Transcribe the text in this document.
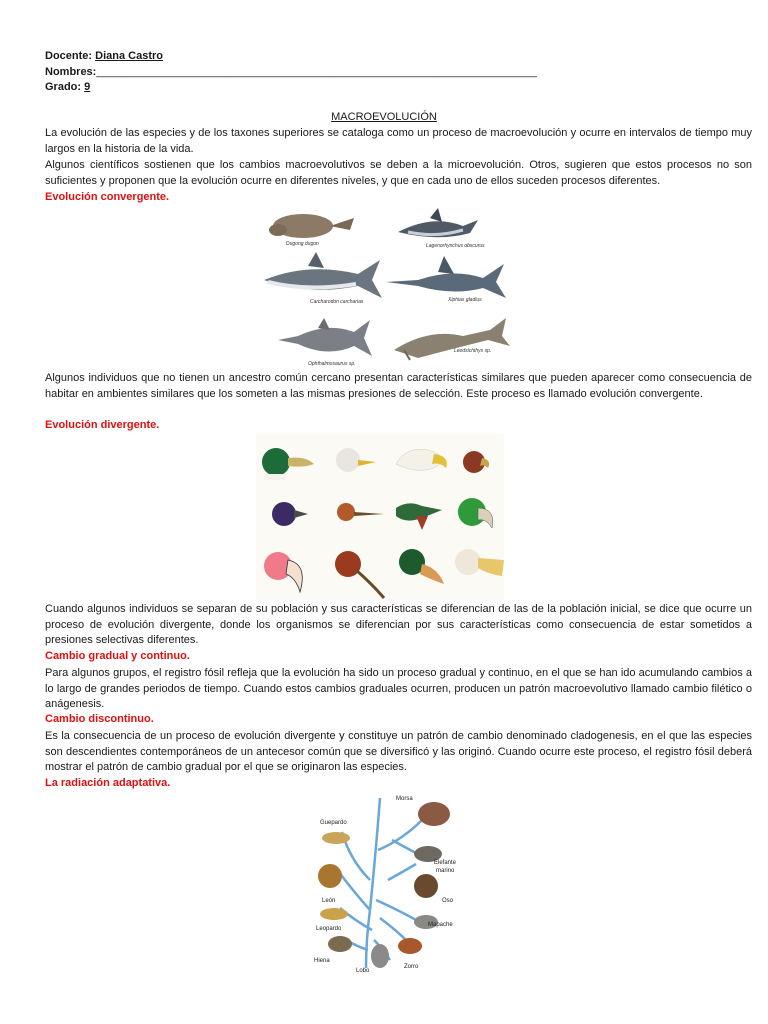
Docente: Diana Castro
Nombres:________________________________________________________________________
Grado: 9
MACROEVOLUCIÓN
La evolución de las especies y de los taxones superiores se cataloga como un proceso de macroevolución y ocurre en intervalos de tiempo muy largos en la historia de la vida.
Algunos científicos sostienen que los cambios macroevolutivos se deben a la microevolución. Otros, sugieren que estos procesos no son suficientes y proponen que la evolución ocurre en diferentes niveles, y que en cada uno de ellos suceden procesos diferentes.
Evolución convergente.
Dugong dugon	Lagenorhynchus obscurus
Carcharodon carcharias	Xiphias gladius
Ophthalmosaurus sp.
Leedsichthys sp.
Algunos individuos que no tienen un ancestro común cercano presentan características similares que pueden aparecer como consecuencia de habitar en ambientes similares que los someten a las mismas presiones de selección. Este proceso es llamado evolución convergente.
Evolución divergente.
Cuando algunos individuos se separan de su población y sus características se diferencian de las de la población inicial, se dice que ocurre un proceso de evolución divergente, donde los organismos se diferencian por sus características como consecuencia de estar sometidos a presiones selectivas diferentes.
Cambio gradual y continuo.
Para algunos grupos, el registro fósil refleja que la evolución ha sido un proceso gradual y continuo, en el que se han ido acumulando cambios a lo largo de grandes periodos de tiempo. Cuando estos cambios graduales ocurren, producen un patrón macroevolutivo llamado cambio filético o anágenesis.
Cambio discontinuo.
Es la consecuencia de un proceso de evolución divergente y constituye un patrón de cambio denominado cladogenesis, en el que las especies son descendientes contemporáneos de un antecesor común que se diversificó y las originó. Cuando ocurre este proceso, el registro fósil deberá mostrar el patrón de cambio gradual por el que se originaron las especies.
La radiación adaptativa.
Guepardo
Morsa
Elefante
marino
León	Oso
Leopardo
Mapache
Hiena
Lobo
Zorro
